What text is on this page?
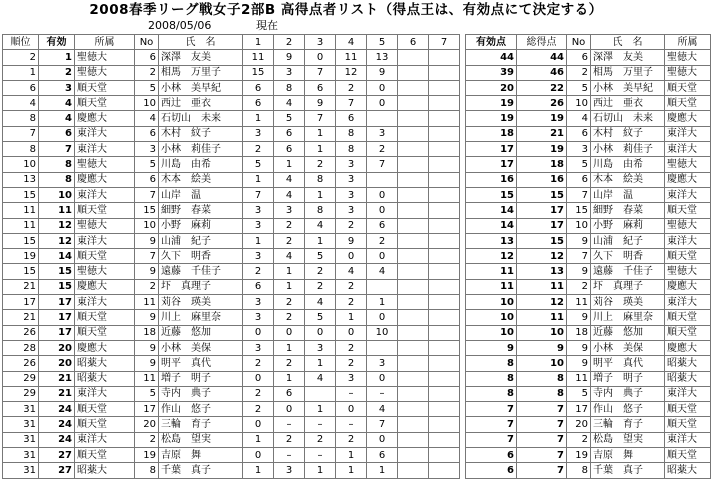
2008春季リーグ戦女子2部B 高得点者リスト（得点王は、有効点にて決定する）
2008/05/06	現在
順位	有効	所属	No	氏　名	1	2	3	4	5	6	7		有効点	総得点	No	氏　名	所属
2	1	聖徳大	6	深澤　友美	11	9	0	11	13				44	44	6	深澤　友美	聖徳大
1	2	聖徳大	2	相馬　万里子	15	3	7	12	9				39	46	2	相馬　万里子	聖徳大
6	3	順天堂	5	小林　美早紀	6	8	6	2	0				20	22	5	小林　美早紀	順天堂
4	4	順天堂	10	西辻　亜衣	6	4	9	7	0				19	26	10	西辻　亜衣	順天堂
8	4	慶應大	4	石切山　未来	1	5	7	6					19	19	4	石切山　未来	慶應大
7	6	東洋大	6	木村　紋子	3	6	1	8	3				18	21	6	木村　紋子	東洋大
8	7	東洋大	3	小林　莉佳子	2	6	1	8	2				17	19	3	小林　莉佳子	東洋大
10	8	聖徳大	5	川島　由希	5	1	2	3	7				17	18	5	川島　由希	聖徳大
13	8	慶應大	6	木本　絵美	1	4	8	3					16	16	6	木本　絵美	慶應大
15	10	東洋大	7	山岸　温	7	4	1	3	0				15	15	7	山岸　温	東洋大
11	11	順天堂	15	細野　春菜	3	3	8	3	0				14	17	15	細野　春菜	順天堂
11	12	聖徳大	10	小野　麻莉	3	2	4	2	6				14	17	10	小野　麻莉	聖徳大
15	12	東洋大	9	山浦　紀子	1	2	1	9	2				13	15	9	山浦　紀子	東洋大
19	14	順天堂	7	久下　明香	3	4	5	0	0				12	12	7	久下　明香	順天堂
15	15	聖徳大	9	遠藤　千佳子	2	1	2	4	4				11	13	9	遠藤　千佳子	聖徳大
21	15	慶應大	2	圷　真理子	6	1	2	2					11	11	2	圷　真理子	慶應大
17	17	東洋大	11	苅谷　瑛美	3	2	4	2	1				10	12	11	苅谷　瑛美	東洋大
21	17	順天堂	9	川上　麻里奈	3	2	5	1	0				10	11	9	川上　麻里奈	順天堂
26	17	順天堂	18	近藤　悠加	0	0	0	0	10				10	10	18	近藤　悠加	順天堂
28	20	慶應大	9	小林　美保	3	1	3	2					9	9	9	小林　美保	慶應大
26	20	昭薬大	9	明平　真代	2	2	1	2	3				8	10	9	明平　真代	昭薬大
29	21	昭薬大	11	増子　明子	0	1	4	3	0				8	8	11	増子　明子	昭薬大
29	21	東洋大	5	寺内　典子	2	6		–	–				8	8	5	寺内　典子	東洋大
31	24	順天堂	17	作山　悠子	2	0	1	0	4				7	7	17	作山　悠子	順天堂
31	24	順天堂	20	三輪　育子	0	–	–	–	7				7	7	20	三輪　育子	順天堂
31	24	東洋大	2	松島　望実	1	2	2	2	0				7	7	2	松島　望実	東洋大
31	27	順天堂	19	吉原　舞	0	–	–	1	6				6	7	19	吉原　舞	順天堂
31	27	昭薬大	8	千葉　真子	1	3	1	1	1				6	7	8	千葉　真子	昭薬大
